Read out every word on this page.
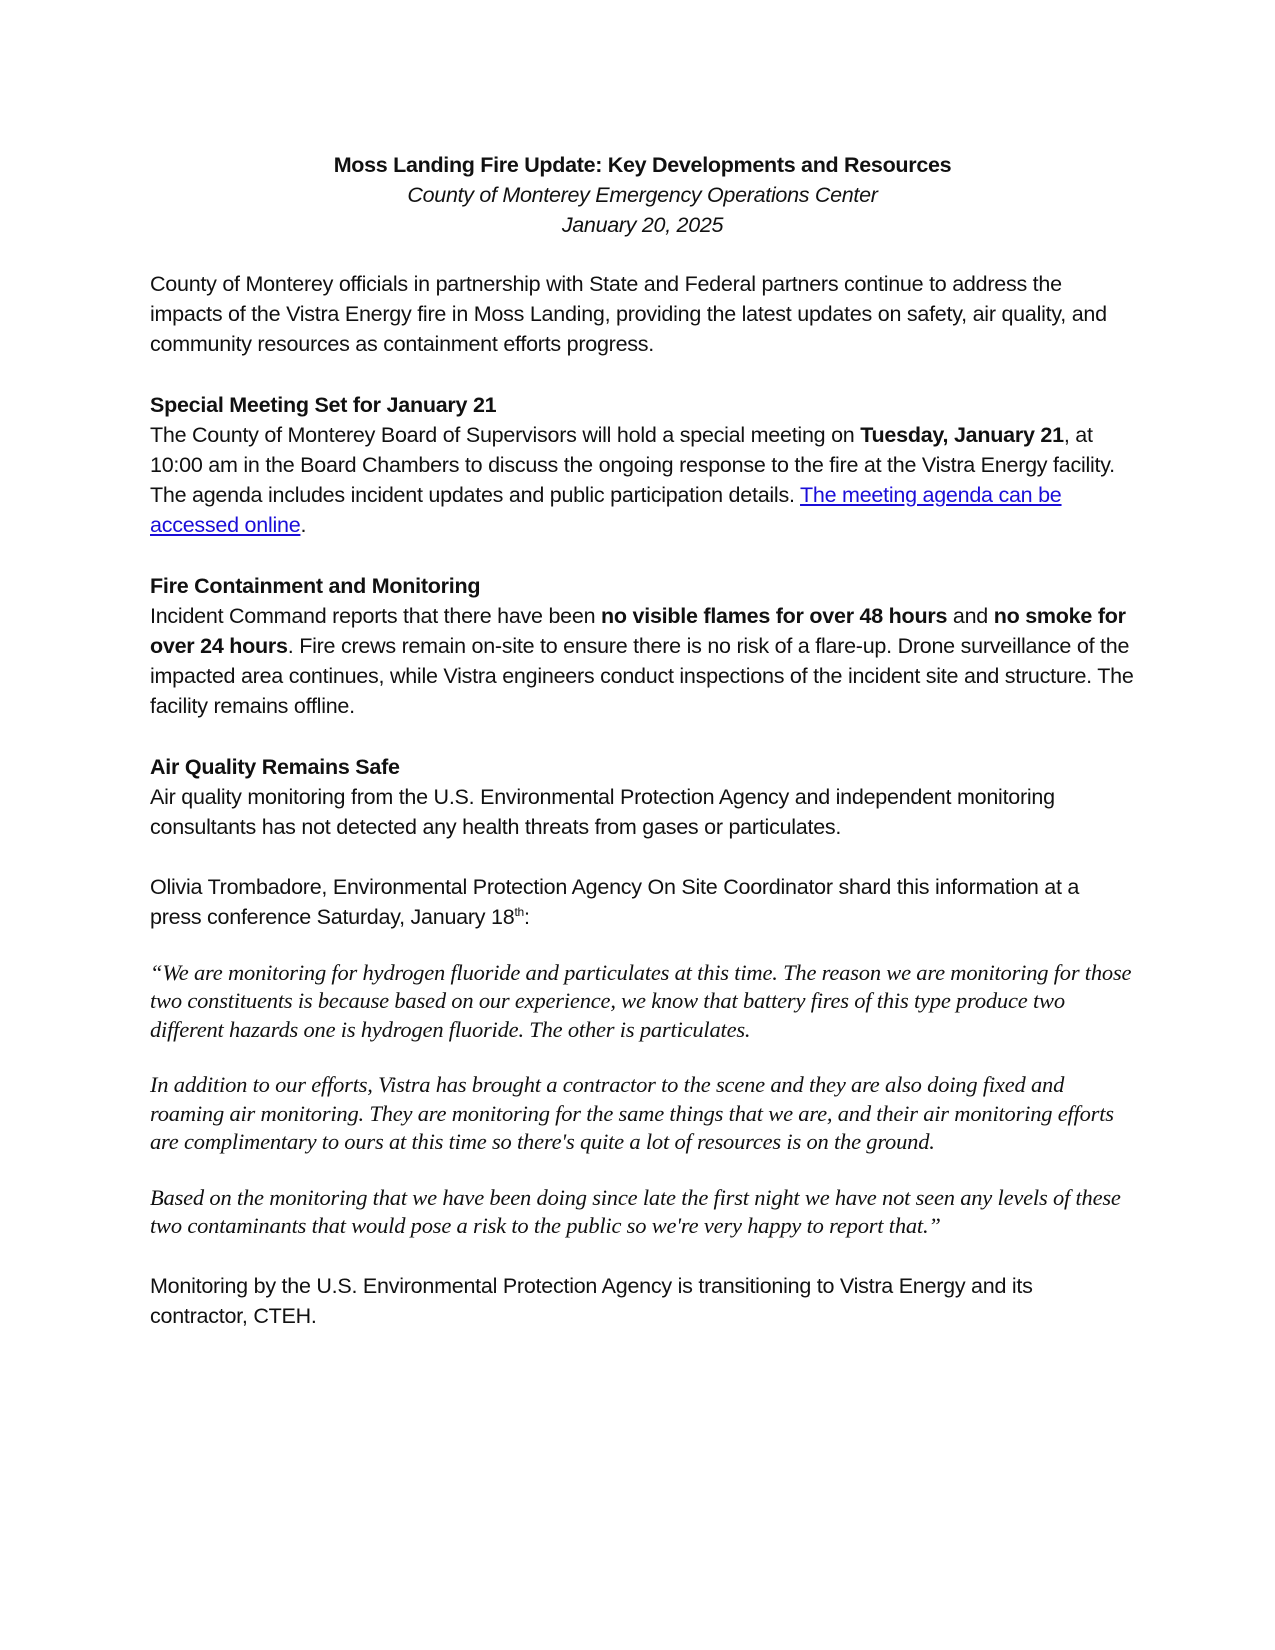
Moss Landing Fire Update: Key Developments and Resources
County of Monterey Emergency Operations Center
January 20, 2025

County of Monterey officials in partnership with State and Federal partners continue to address the impacts of the Vistra Energy fire in Moss Landing, providing the latest updates on safety, air quality, and community resources as containment efforts progress.

Special Meeting Set for January 21
The County of Monterey Board of Supervisors will hold a special meeting on Tuesday, January 21, at 10:00 am in the Board Chambers to discuss the ongoing response to the fire at the Vistra Energy facility. The agenda includes incident updates and public participation details. The meeting agenda can be accessed online.

Fire Containment and Monitoring
Incident Command reports that there have been no visible flames for over 48 hours and no smoke for over 24 hours. Fire crews remain on-site to ensure there is no risk of a flare-up. Drone surveillance of the impacted area continues, while Vistra engineers conduct inspections of the incident site and structure. The facility remains offline.

Air Quality Remains Safe
Air quality monitoring from the U.S. Environmental Protection Agency and independent monitoring consultants has not detected any health threats from gases or particulates.

Olivia Trombadore, Environmental Protection Agency On Site Coordinator shard this information at a press conference Saturday, January 18th:

“We are monitoring for hydrogen fluoride and particulates at this time. The reason we are monitoring for those two constituents is because based on our experience, we know that battery fires of this type produce two different hazards one is hydrogen fluoride. The other is particulates.

In addition to our efforts, Vistra has brought a contractor to the scene and they are also doing fixed and roaming air monitoring. They are monitoring for the same things that we are, and their air monitoring efforts are complimentary to ours at this time so there's quite a lot of resources is on the ground.

Based on the monitoring that we have been doing since late the first night we have not seen any levels of these two contaminants that would pose a risk to the public so we're very happy to report that.”

Monitoring by the U.S. Environmental Protection Agency is transitioning to Vistra Energy and its contractor, CTEH.
